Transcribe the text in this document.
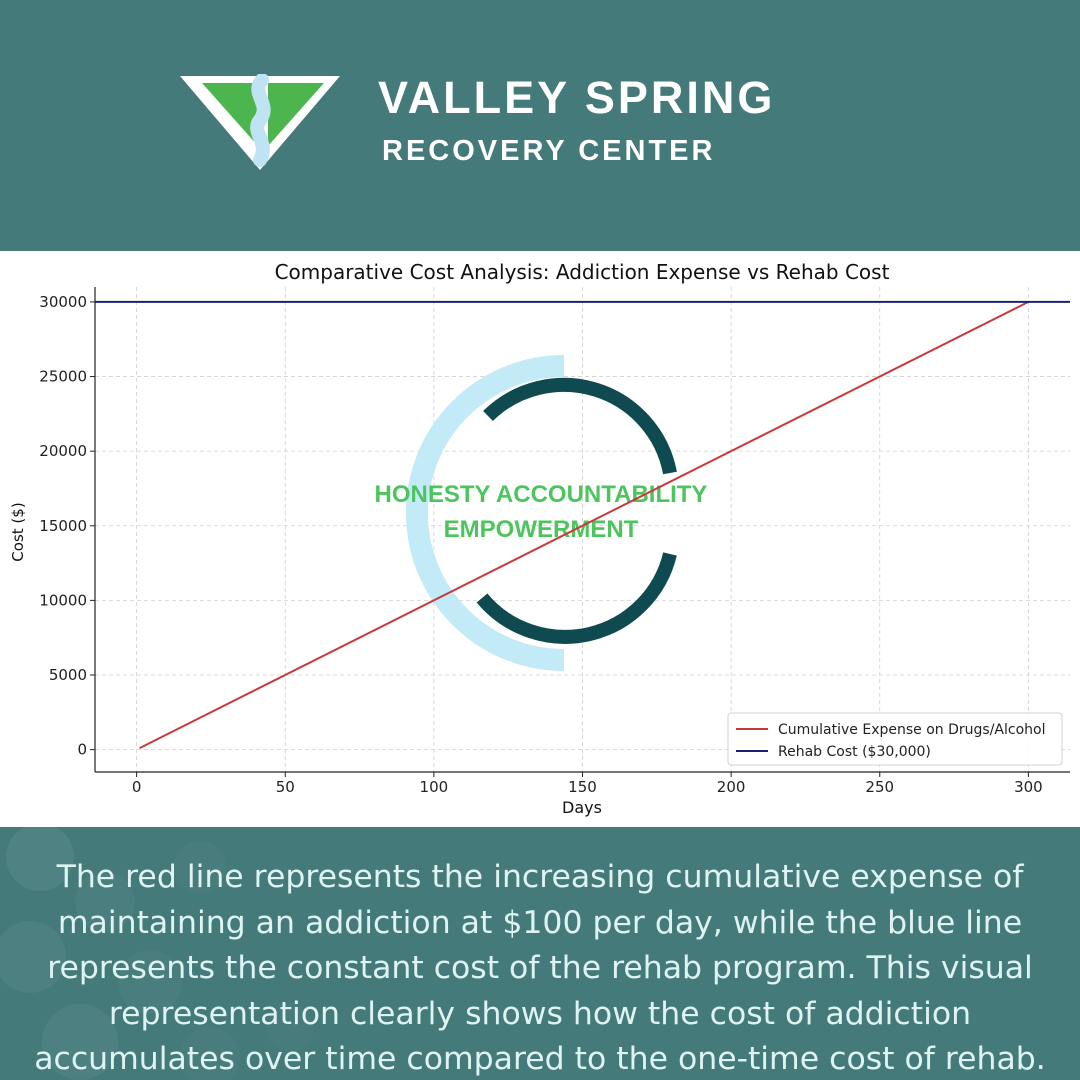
VALLEY SPRING
RECOVERY CENTER
HONESTY ACCOUNTABILITY
EMPOWERMENT
0	50	100	150	200	250	300
0
5000
10000
15000
20000
25000
30000
Comparative Cost Analysis: Addiction Expense vs Rehab Cost
Days
Cost ($)
Cumulative Expense on Drugs/Alcohol
Rehab Cost ($30,000)
The red line represents the increasing cumulative expense of maintaining an addiction at $100 per day, while the blue line represents the constant cost of the rehab program. This visual representation clearly shows how the cost of addiction accumulates over time compared to the one-time cost of rehab.
